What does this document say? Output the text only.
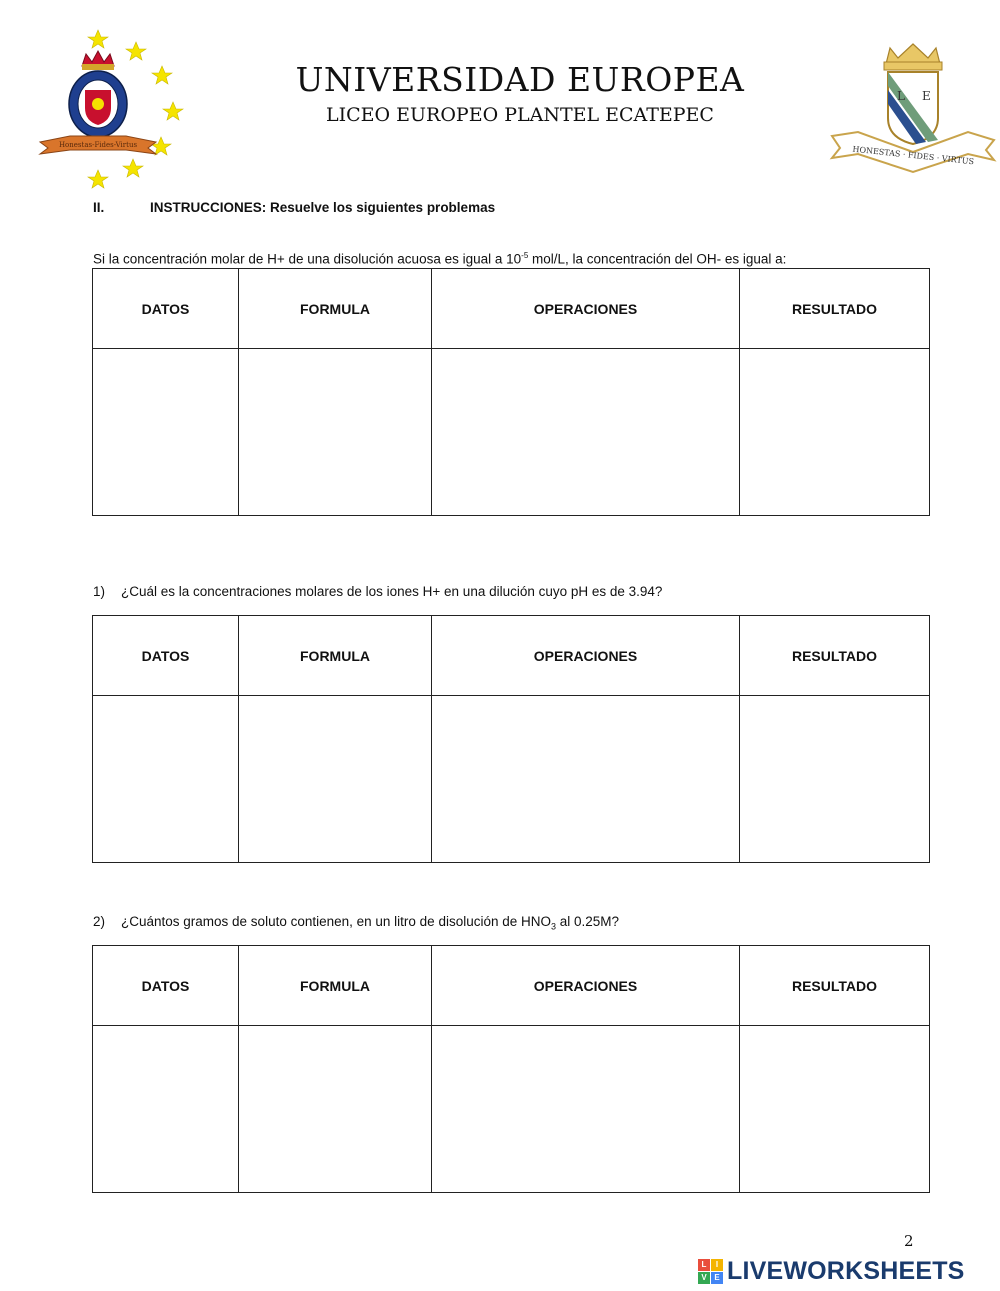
Honestas-Fides-Virtus
UNIVERSIDAD EUROPEA
LICEO EUROPEO PLANTEL ECATEPEC
L E
HONESTAS · FIDES · VIRTUS
II.	INSTRUCCIONES: Resuelve los siguientes problemas
Si la concentración molar de H+ de una disolución acuosa es igual a $10^{-5}$ mol/L, la concentración del OH- es igual a:
DATOS	FORMULA	OPERACIONES	RESULTADO

1) ¿Cuál es la concentraciones molares de los iones H+ en una dilución cuyo pH es de 3.94?
DATOS	FORMULA	OPERACIONES	RESULTADO

2) ¿Cuántos gramos de soluto contienen, en un litro de disolución de $HNO_3$ al 0.25M?
DATOS	FORMULA	OPERACIONES	RESULTADO

2
L	I
V E LIVEWORKSHEETS
